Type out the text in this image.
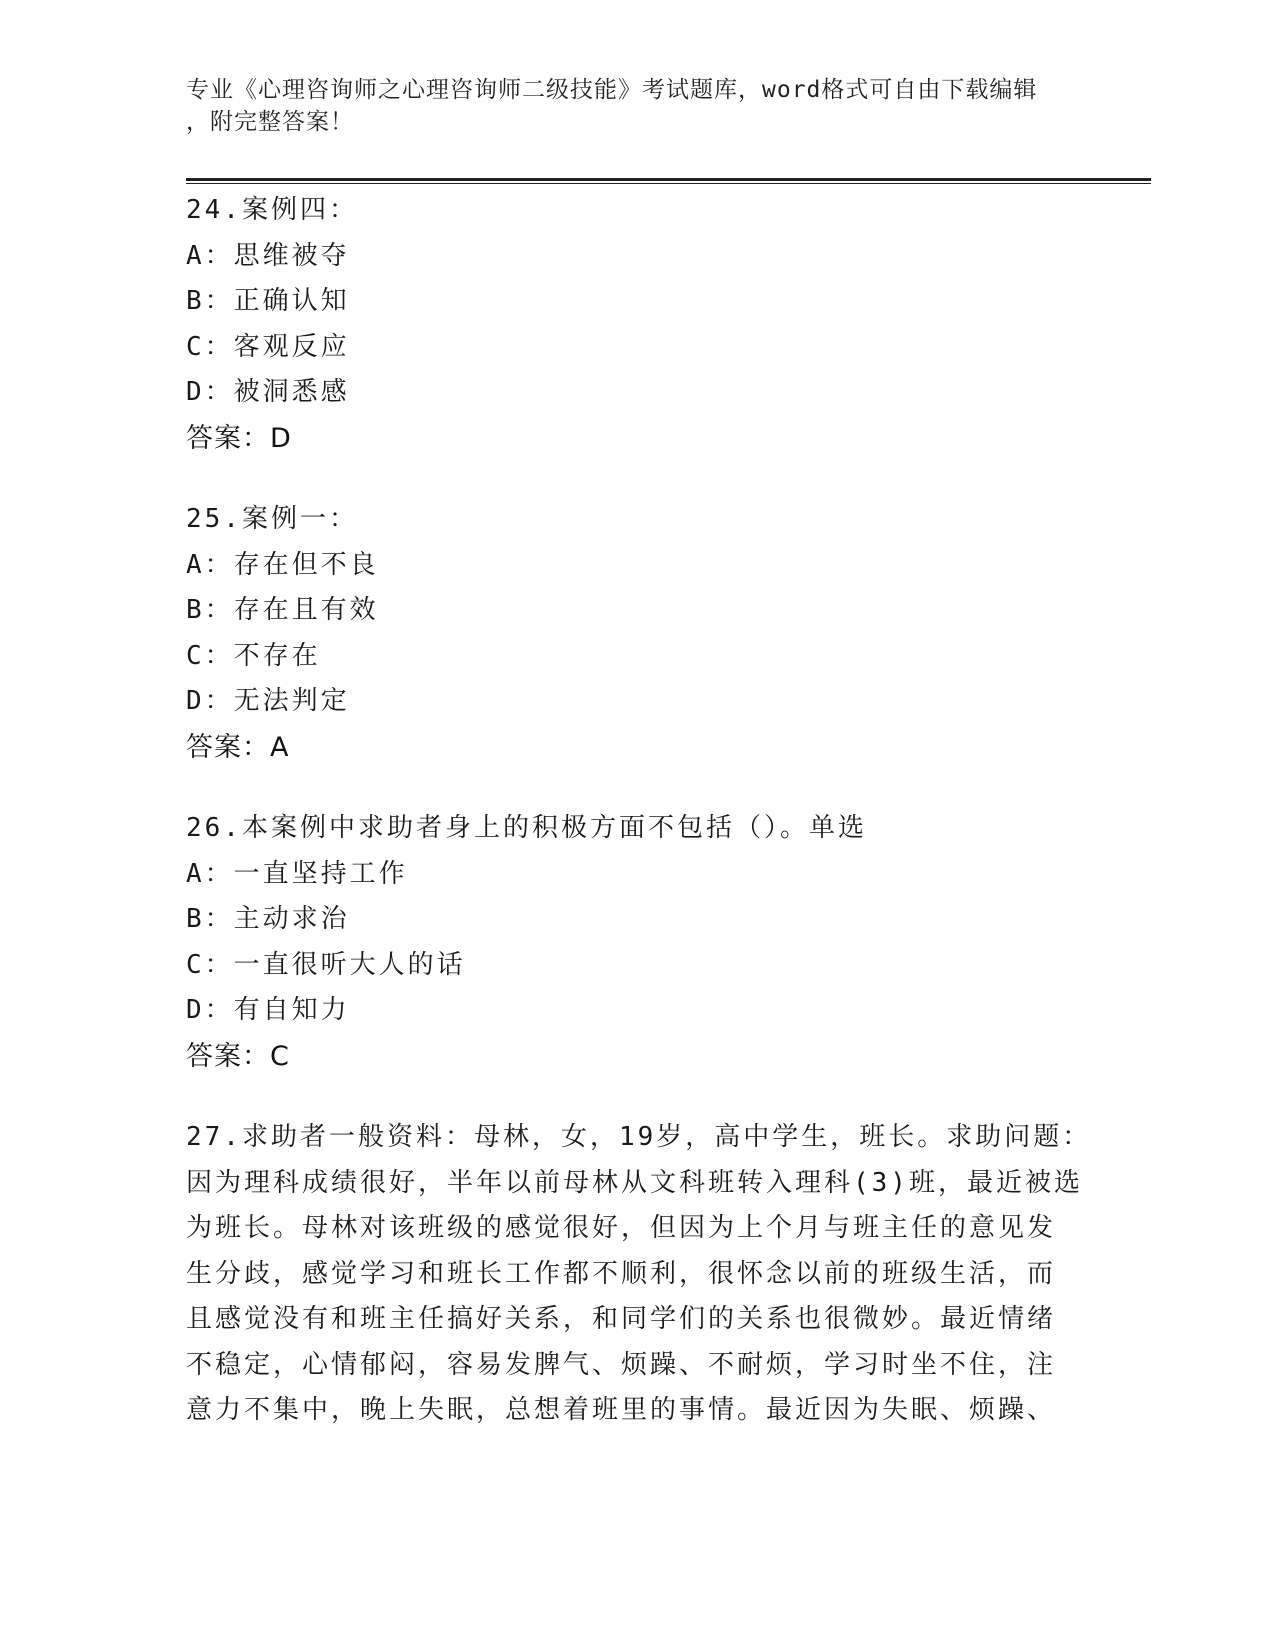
专业《心理咨询师之心理咨询师二级技能》考试题库，word格式可自由下载编辑
，附完整答案！
24.案例四：
A：思维被夺
B：正确认知
C：客观反应
D：被洞悉感
答案：D
25.案例一：
A：存在但不良
B：存在且有效
C：不存在
D：无法判定
答案：A
26.本案例中求助者身上的积极方面不包括（）。单选
A：一直坚持工作
B：主动求治
C：一直很听大人的话
D：有自知力
答案：C
27.求助者一般资料：母林，女，19岁，高中学生，班长。求助问题：
因为理科成绩很好，半年以前母林从文科班转入理科(3)班，最近被选
为班长。母林对该班级的感觉很好，但因为上个月与班主任的意见发
生分歧，感觉学习和班长工作都不顺利，很怀念以前的班级生活，而
且感觉没有和班主任搞好关系，和同学们的关系也很微妙。最近情绪
不稳定，心情郁闷，容易发脾气、烦躁、不耐烦，学习时坐不住，注
意力不集中，晚上失眠，总想着班里的事情。最近因为失眠、烦躁、
